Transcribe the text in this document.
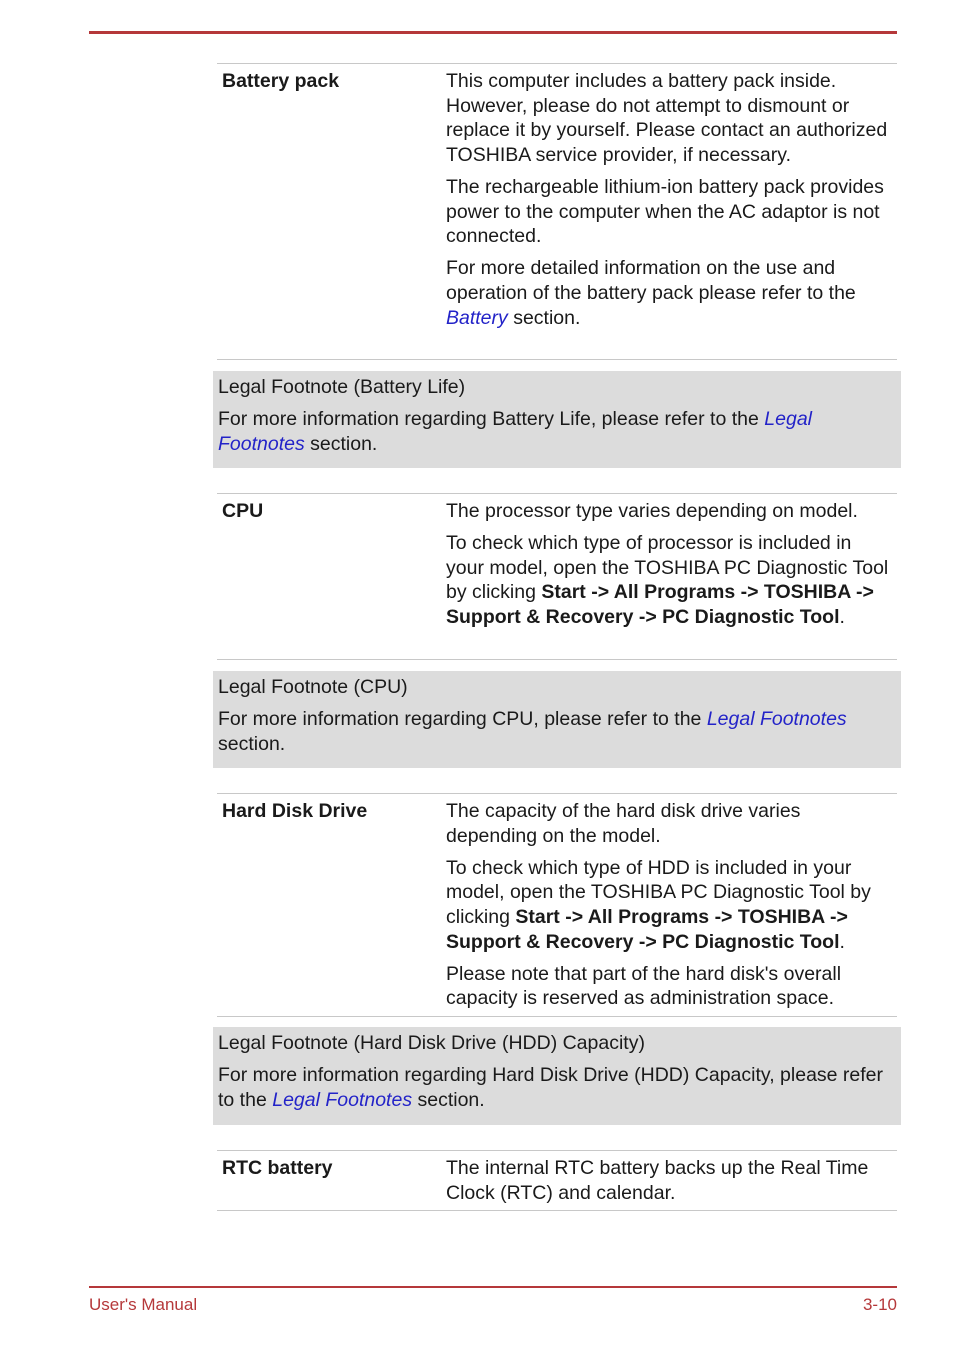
Battery pack	This computer includes a battery pack inside. However, please do not attempt to dismount or replace it by yourself. Please contact an authorized TOSHIBA service provider, if necessary.

The rechargeable lithium-ion battery pack provides power to the computer when the AC adaptor is not connected.

For more detailed information on the use and operation of the battery pack please refer to the Battery section.

Legal Footnote (Battery Life)
For more information regarding Battery Life, please refer to the Legal Footnotes section.
CPU	The processor type varies depending on model.

To check which type of processor is included in your model, open the TOSHIBA PC Diagnostic Tool by clicking Start -> All Programs -> TOSHIBA -> Support & Recovery -> PC Diagnostic Tool.

Legal Footnote (CPU)
For more information regarding CPU, please refer to the Legal Footnotes section.
Hard Disk Drive	The capacity of the hard disk drive varies depending on the model.

To check which type of HDD is included in your model, open the TOSHIBA PC Diagnostic Tool by clicking Start -> All Programs -> TOSHIBA -> Support & Recovery -> PC Diagnostic Tool.

Please note that part of the hard disk's overall capacity is reserved as administration space.

Legal Footnote (Hard Disk Drive (HDD) Capacity)
For more information regarding Hard Disk Drive (HDD) Capacity, please refer to the Legal Footnotes section.
RTC battery	The internal RTC battery backs up the Real Time Clock (RTC) and calendar.

User's Manual	3-10
